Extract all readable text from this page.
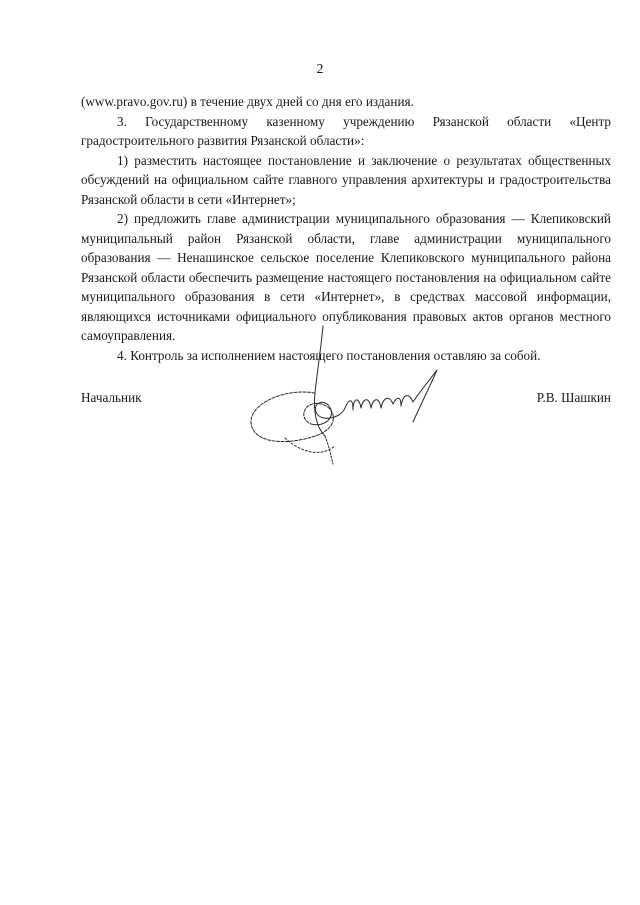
2

(www.pravo.gov.ru) в течение двух дней со дня его издания.

3. Государственному казенному учреждению Рязанской области «Центр градостроительного развития Рязанской области»:

1) разместить настоящее постановление и заключение о результатах общественных обсуждений на официальном сайте главного управления архитектуры и градостроительства Рязанской области в сети «Интернет»;

2) предложить главе администрации муниципального образования — Клепиковский муниципальный район Рязанской области, главе администрации муниципального образования — Ненашинское сельское поселение Клепиковского муниципального района Рязанской области обеспечить размещение настоящего постановления на официальном сайте муниципального образования в сети «Интернет», в средствах массовой информации, являющихся источниками официального опубликования правовых актов органов местного самоуправления.

4. Контроль за исполнением настоящего постановления оставляю за собой.

Начальник	Р.В. Шашкин
